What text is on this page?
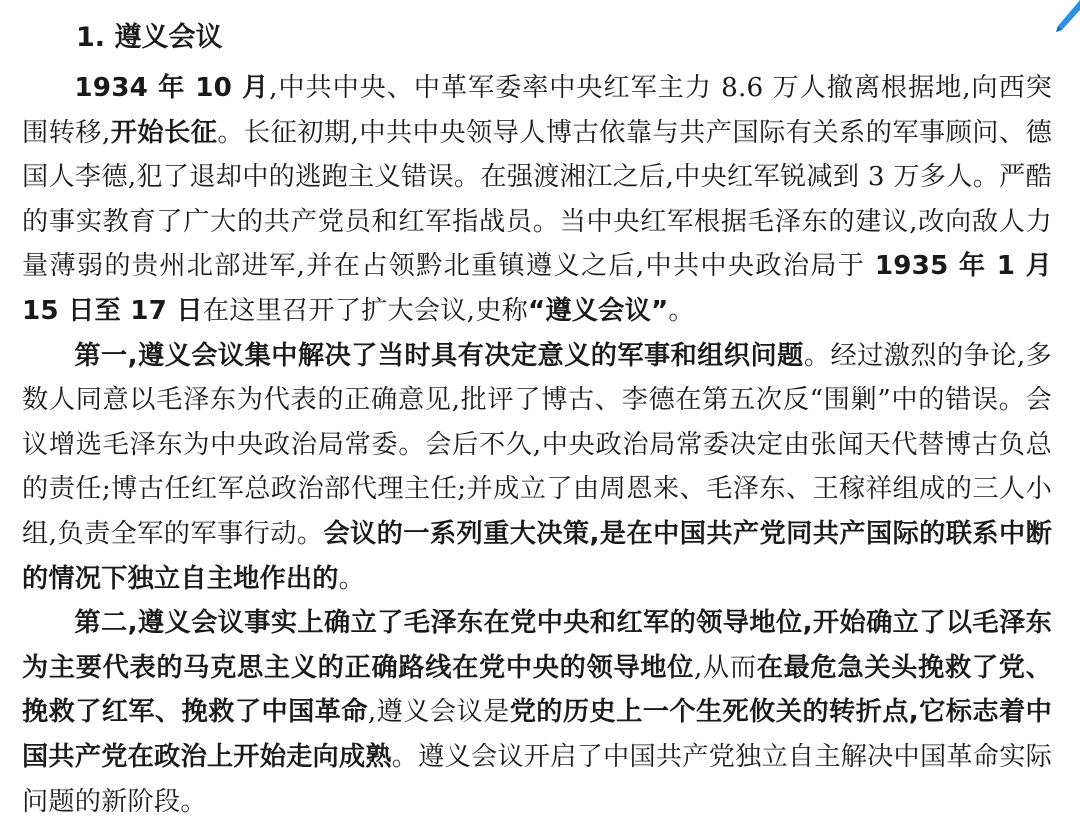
1. 遵义会议

1934 年 10 月,中共中央、中革军委率中央红军主力 8.6 万人撤离根据地,向西突围转移,开始长征。长征初期,中共中央领导人博古依靠与共产国际有关系的军事顾问、德国人李德,犯了退却中的逃跑主义错误。在强渡湘江之后,中央红军锐减到 3 万多人。严酷的事实教育了广大的共产党员和红军指战员。当中央红军根据毛泽东的建议,改向敌人力量薄弱的贵州北部进军,并在占领黔北重镇遵义之后,中共中央政治局于 1935 年 1 月 15 日至 17 日在这里召开了扩大会议,史称“遵义会议”。

第一,遵义会议集中解决了当时具有决定意义的军事和组织问题。经过激烈的争论,多数人同意以毛泽东为代表的正确意见,批评了博古、李德在第五次反“围剿”中的错误。会议增选毛泽东为中央政治局常委。会后不久,中央政治局常委决定由张闻天代替博古负总的责任;博古任红军总政治部代理主任;并成立了由周恩来、毛泽东、王稼祥组成的三人小组,负责全军的军事行动。会议的一系列重大决策,是在中国共产党同共产国际的联系中断的情况下独立自主地作出的。

第二,遵义会议事实上确立了毛泽东在党中央和红军的领导地位,开始确立了以毛泽东为主要代表的马克思主义的正确路线在党中央的领导地位,从而在最危急关头挽救了党、挽救了红军、挽救了中国革命,遵义会议是党的历史上一个生死攸关的转折点,它标志着中国共产党在政治上开始走向成熟。遵义会议开启了中国共产党独立自主解决中国革命实际问题的新阶段。
